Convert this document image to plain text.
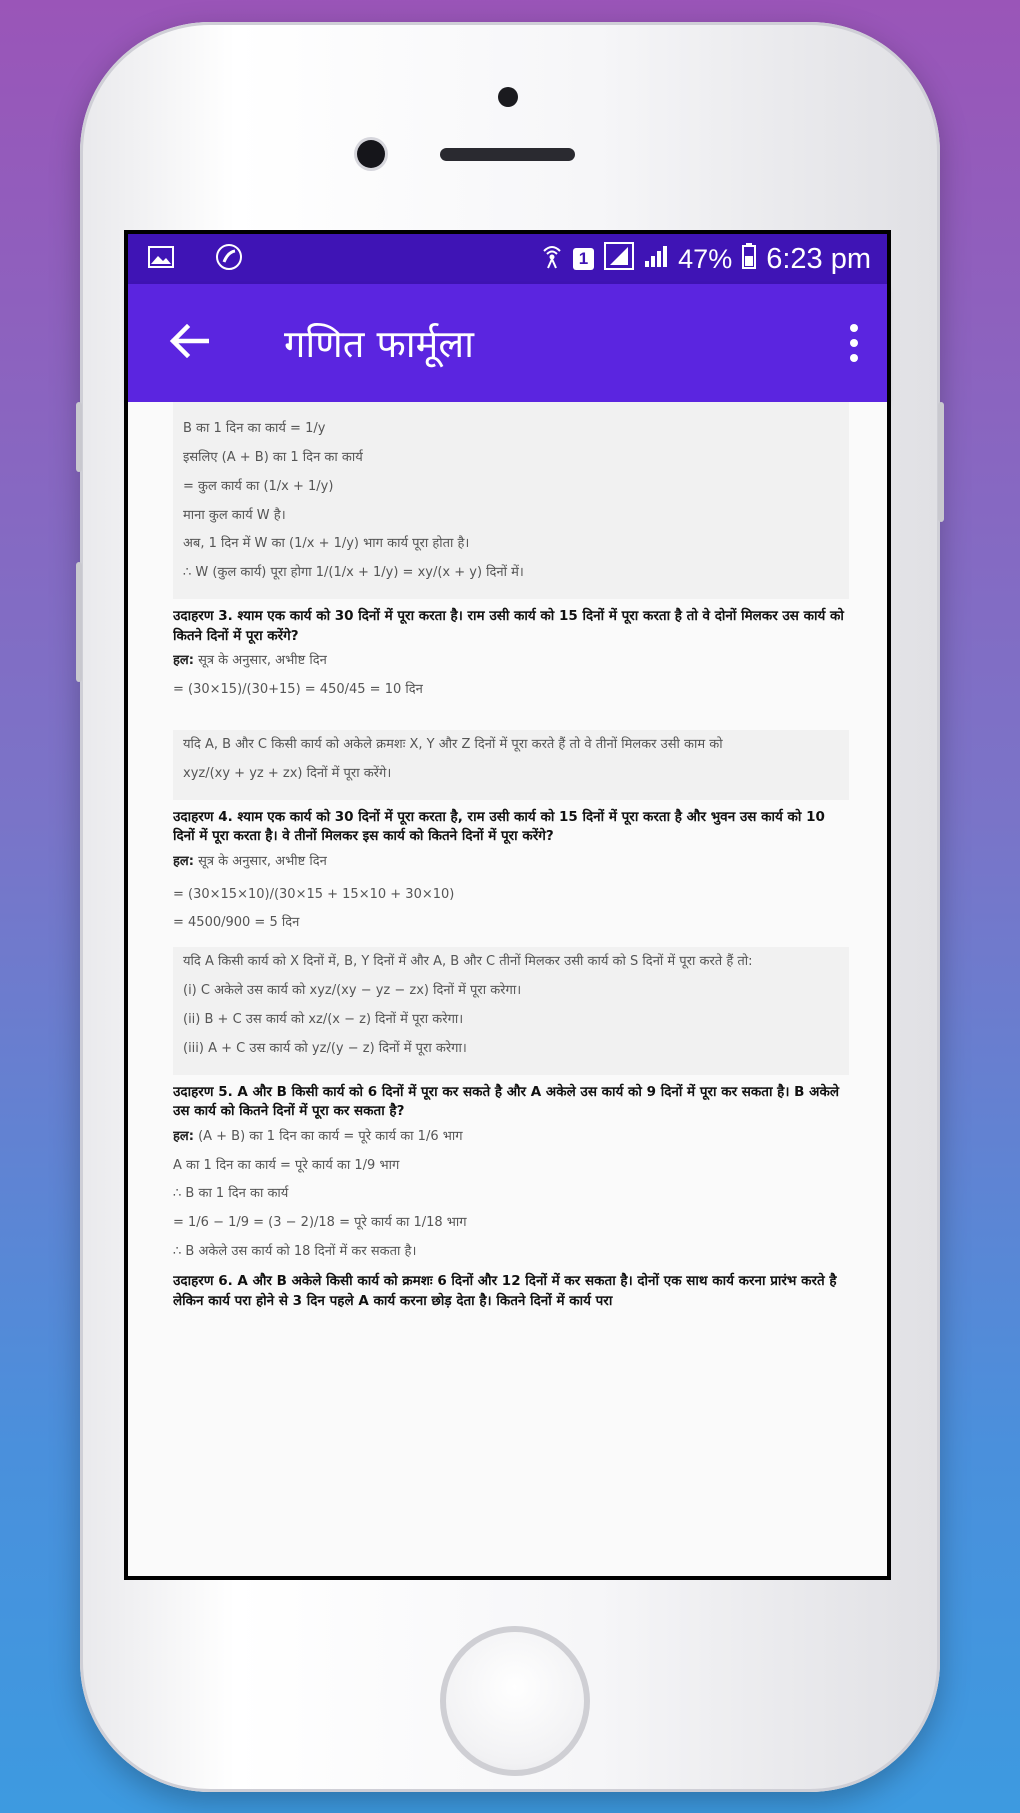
1	47% 6:23 pm
गणित फार्मूला

B का 1 दिन का कार्य = 1/y

इसलिए (A + B) का 1 दिन का कार्य

= कुल कार्य का (1/x + 1/y)

माना कुल कार्य W है।

अब, 1 दिन में W का (1/x + 1/y) भाग कार्य पूरा होता है।

∴ W (कुल कार्य) पूरा होगा 1/(1/x + 1/y) = xy/(x + y) दिनों में।

उदाहरण 3. श्याम एक कार्य को 30 दिनों में पूरा करता है। राम उसी कार्य को 15 दिनों में पूरा करता है तो वे दोनों मिलकर उस कार्य को कितने दिनों में पूरा करेंगे?
हल: सूत्र के अनुसार, अभीष्ट दिन
= (30×15)/(30+15) = 450/45 = 10 दिन

यदि A, B और C किसी कार्य को अकेले क्रमशः X, Y और Z दिनों में पूरा करते हैं तो वे तीनों मिलकर उसी काम को

xyz/(xy + yz + zx) दिनों में पूरा करेंगे।

उदाहरण 4. श्याम एक कार्य को 30 दिनों में पूरा करता है, राम उसी कार्य को 15 दिनों में पूरा करता है और भुवन उस कार्य को 10 दिनों में पूरा करता है। वे तीनों मिलकर इस कार्य को कितने दिनों में पूरा करेंगे?
हल: सूत्र के अनुसार, अभीष्ट दिन
= (30×15×10)/(30×15 + 15×10 + 30×10)
= 4500/900 = 5 दिन

यदि A किसी कार्य को X दिनों में, B, Y दिनों में और A, B और C तीनों मिलकर उसी कार्य को S दिनों में पूरा करते हैं तो:

(i) C अकेले उस कार्य को xyz/(xy − yz − zx) दिनों में पूरा करेगा।

(ii) B + C उस कार्य को xz/(x − z) दिनों में पूरा करेगा।

(iii) A + C उस कार्य को yz/(y − z) दिनों में पूरा करेगा।

उदाहरण 5. A और B किसी कार्य को 6 दिनों में पूरा कर सकते है और A अकेले उस कार्य को 9 दिनों में पूरा कर सकता है। B अकेले उस कार्य को कितने दिनों में पूरा कर सकता है?
हल: (A + B) का 1 दिन का कार्य = पूरे कार्य का 1/6 भाग
A का 1 दिन का कार्य = पूरे कार्य का 1/9 भाग
∴ B का 1 दिन का कार्य
= 1/6 − 1/9 = (3 − 2)/18 = पूरे कार्य का 1/18 भाग
∴ B अकेले उस कार्य को 18 दिनों में कर सकता है।
उदाहरण 6. A और B अकेले किसी कार्य को क्रमशः 6 दिनों और 12 दिनों में कर सकता है। दोनों एक साथ कार्य करना प्रारंभ करते है लेकिन कार्य परा होने से 3 दिन पहले A कार्य करना छोड़ देता है। कितने दिनों में कार्य परा
